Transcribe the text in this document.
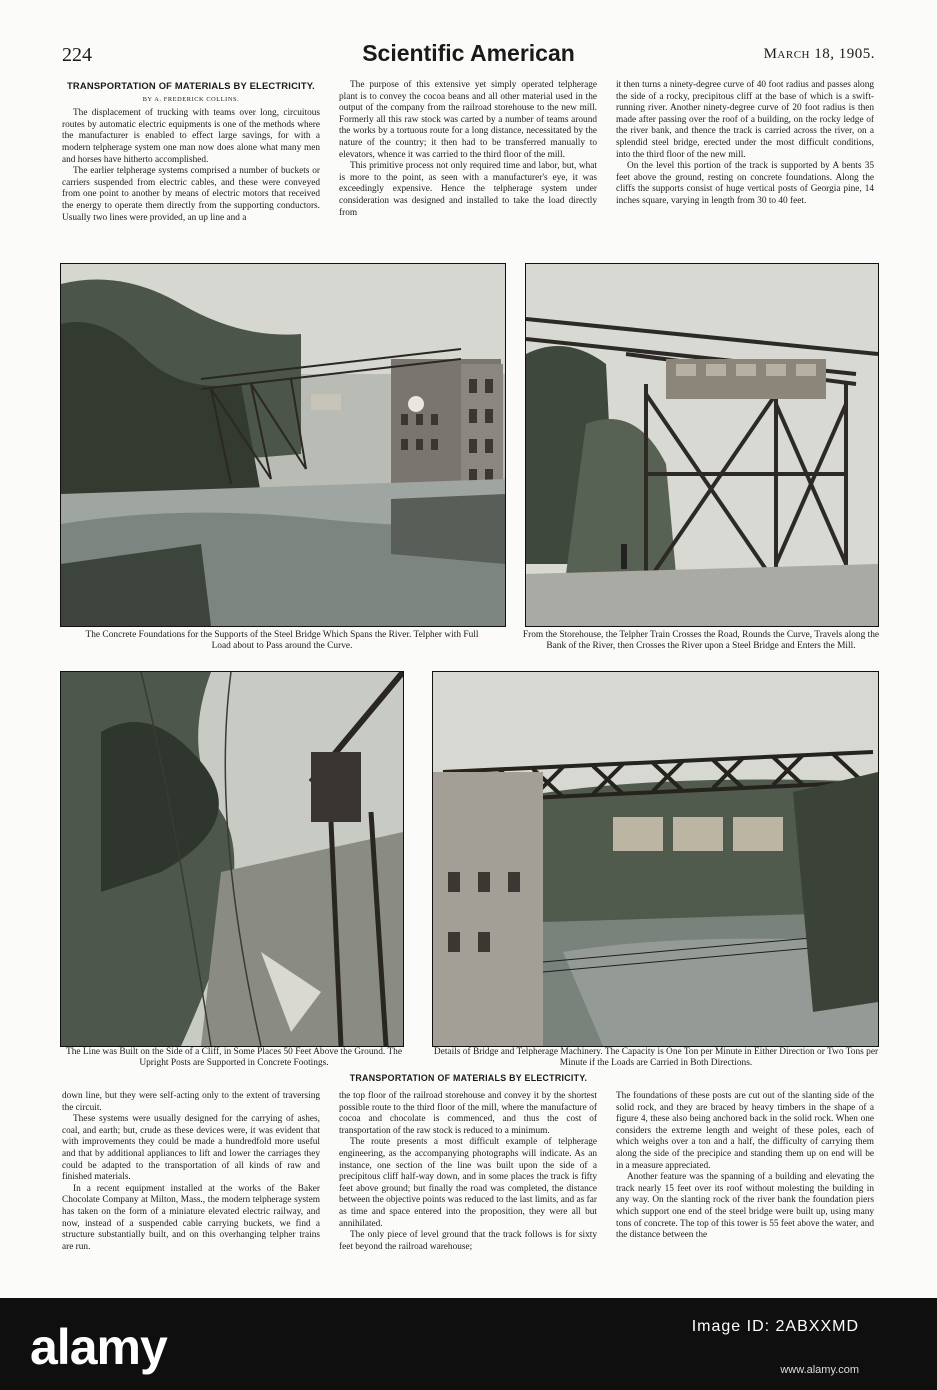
224	Scientific American	March 18, 1905.
TRANSPORTATION OF MATERIALS BY ELECTRICITY.
BY A. FREDERICK COLLINS.

The displacement of trucking with teams over long, circuitous routes by automatic electric equipments is one of the methods where the manufacturer is enabled to effect large savings, for with a modern telpherage system one man now does alone what many men and horses have hitherto accomplished.

The earlier telpherage systems comprised a number of buckets or carriers suspended from electric cables, and these were conveyed from one point to another by means of electric motors that received the energy to operate them directly from the supporting conductors. Usually two lines were provided, an up line and a

The purpose of this extensive yet simply operated telpherage plant is to convey the cocoa beans and all other material used in the output of the company from the railroad storehouse to the new mill. Formerly all this raw stock was carted by a number of teams around the works by a tortuous route for a long distance, necessitated by the nature of the country; it then had to be transferred manually to elevators, whence it was carried to the third floor of the mill.

This primitive process not only required time and labor, but, what is more to the point, as seen with a manufacturer's eye, it was exceedingly expensive. Hence the telpherage system under consideration was designed and installed to take the load directly from

it then turns a ninety-degree curve of 40 foot radius and passes along the side of a rocky, precipitous cliff at the base of which is a swift-running river. Another ninety-degree curve of 20 foot radius is then made after passing over the roof of a building, on the rocky ledge of the river bank, and thence the track is carried across the river, on a splendid steel bridge, erected under the most difficult conditions, into the third floor of the new mill.

On the level this portion of the track is supported by A bents 35 feet above the ground, resting on concrete foundations. Along the cliffs the supports consist of huge vertical posts of Georgia pine, 14 inches square, varying in length from 30 to 40 feet.

The Concrete Foundations for the Supports of the Steel Bridge Which Spans the River. Telpher with Full Load about to Pass around the Curve.
From the Storehouse, the Telpher Train Crosses the Road, Rounds the Curve, Travels along the Bank of the River, then Crosses the River upon a Steel Bridge and Enters the Mill.
The Line was Built on the Side of a Cliff, in Some Places 50 Feet Above the Ground. The Upright Posts are Supported in Concrete Footings.
Details of Bridge and Telpherage Machinery. The Capacity is One Ton per Minute in Either Direction or Two Tons per Minute if the Loads are Carried in Both Directions.
TRANSPORTATION OF MATERIALS BY ELECTRICITY.

down line, but they were self-acting only to the extent of traversing the circuit.

These systems were usually designed for the carrying of ashes, coal, and earth; but, crude as these devices were, it was evident that with improvements they could be made a hundredfold more useful and that by additional appliances to lift and lower the carriages they could be adapted to the transportation of all kinds of raw and finished materials.

In a recent equipment installed at the works of the Baker Chocolate Company at Milton, Mass., the modern telpherage system has taken on the form of a miniature elevated electric railway, and now, instead of a suspended cable carrying buckets, we find a structure substantially built, and on this overhanging telpher trains are run.

the top floor of the railroad storehouse and convey it by the shortest possible route to the third floor of the mill, where the manufacture of cocoa and chocolate is commenced, and thus the cost of transportation of the raw stock is reduced to a minimum.

The route presents a most difficult example of telpherage engineering, as the accompanying photographs will indicate. As an instance, one section of the line was built upon the side of a precipitous cliff half-way down, and in some places the track is fifty feet above ground; but finally the road was completed, the distance between the objective points was reduced to the last limits, and as far as time and space entered into the proposition, they were all but annihilated.

The only piece of level ground that the track follows is for sixty feet beyond the railroad warehouse;

The foundations of these posts are cut out of the slanting side of the solid rock, and they are braced by heavy timbers in the shape of a figure 4, these also being anchored back in the solid rock. When one considers the extreme length and weight of these poles, each of which weighs over a ton and a half, the difficulty of carrying them along the side of the precipice and standing them up on end will be in a measure appreciated.

Another feature was the spanning of a building and elevating the track nearly 15 feet over its roof without molesting the building in any way. On the slanting rock of the river bank the foundation piers which support one end of the steel bridge were built up, using many tons of concrete. The top of this tower is 55 feet above the water, and the distance between the

alamy	Image ID: 2ABXXMD
www.alamy.com
